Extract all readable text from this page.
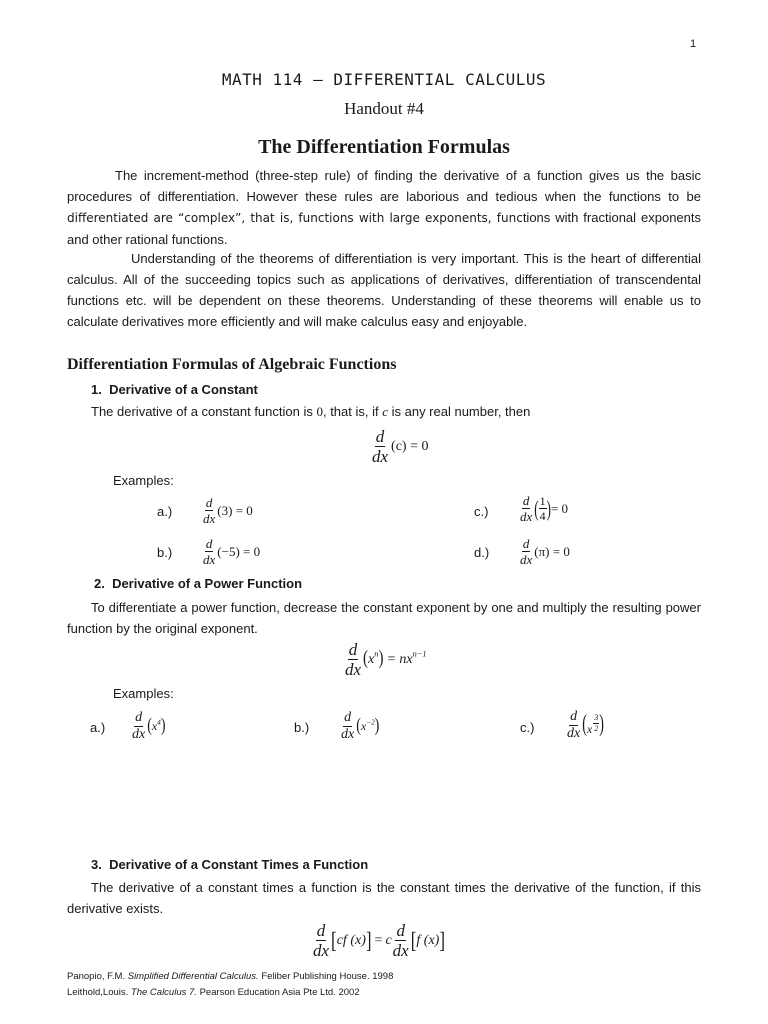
1
MATH 114 – DIFFERENTIAL CALCULUS
Handout #4
The Differentiation Formulas

The increment-method (three-step rule) of finding the derivative of a function gives us the basic procedures of differentiation. However these rules are laborious and tedious when the functions to be differentiated are “complex”, that is, functions with large exponents, functions with fractional exponents and other rational functions.

Understanding of the theorems of differentiation is very important. This is the heart of differential calculus. All of the succeeding topics such as applications of derivatives, differentiation of transcendental functions etc. will be dependent on these theorems. Understanding of these theorems will enable us to calculate derivatives more efficiently and will make calculus easy and enjoyable.

Differentiation Formulas of Algebraic Functions
1.  Derivative of a Constant
The derivative of a constant function is 0, that is, if c is any real number, then
$\frac{d}{dx} (c) = 0$
Examples:
$a.) \frac{d}{dx} (3) = 0$
$b.) \frac{d}{dx} (-5) = 0$
$c.) \frac{d}{dx}$ ( $\frac{1}{4}$ ) = 0
$d.) \frac{d}{dx} (\pi) = 0$
2.  Derivative of a Power Function

To differentiate a power function, decrease the constant exponent by one and multiply the resulting power function by the original exponent.

$\frac{d}{dx}$ ( $x^n$ ) = $nx^{n-1}$
Examples:
$a.) \frac{d}{dx}$ ( $x^4$ )	$b.) \frac{d}{dx}$ ( $x^{-2}$ )	$c.) \frac{d}{dx}$ ( x $\frac{3}{2}$ )
3.  Derivative of a Constant Times a Function

The derivative of a constant times a function is the constant times the derivative of the function, if this derivative exists.

$\frac{d}{dx}$ [ cf (x) ] = c $\frac{d}{dx}$ [ f (x) ]
Panopio, F.M. Simplified Differential Calculus. Feliber Publishing House. 1998
Leithold,Louis. The Calculus 7. Pearson Education Asia Pte Ltd. 2002
